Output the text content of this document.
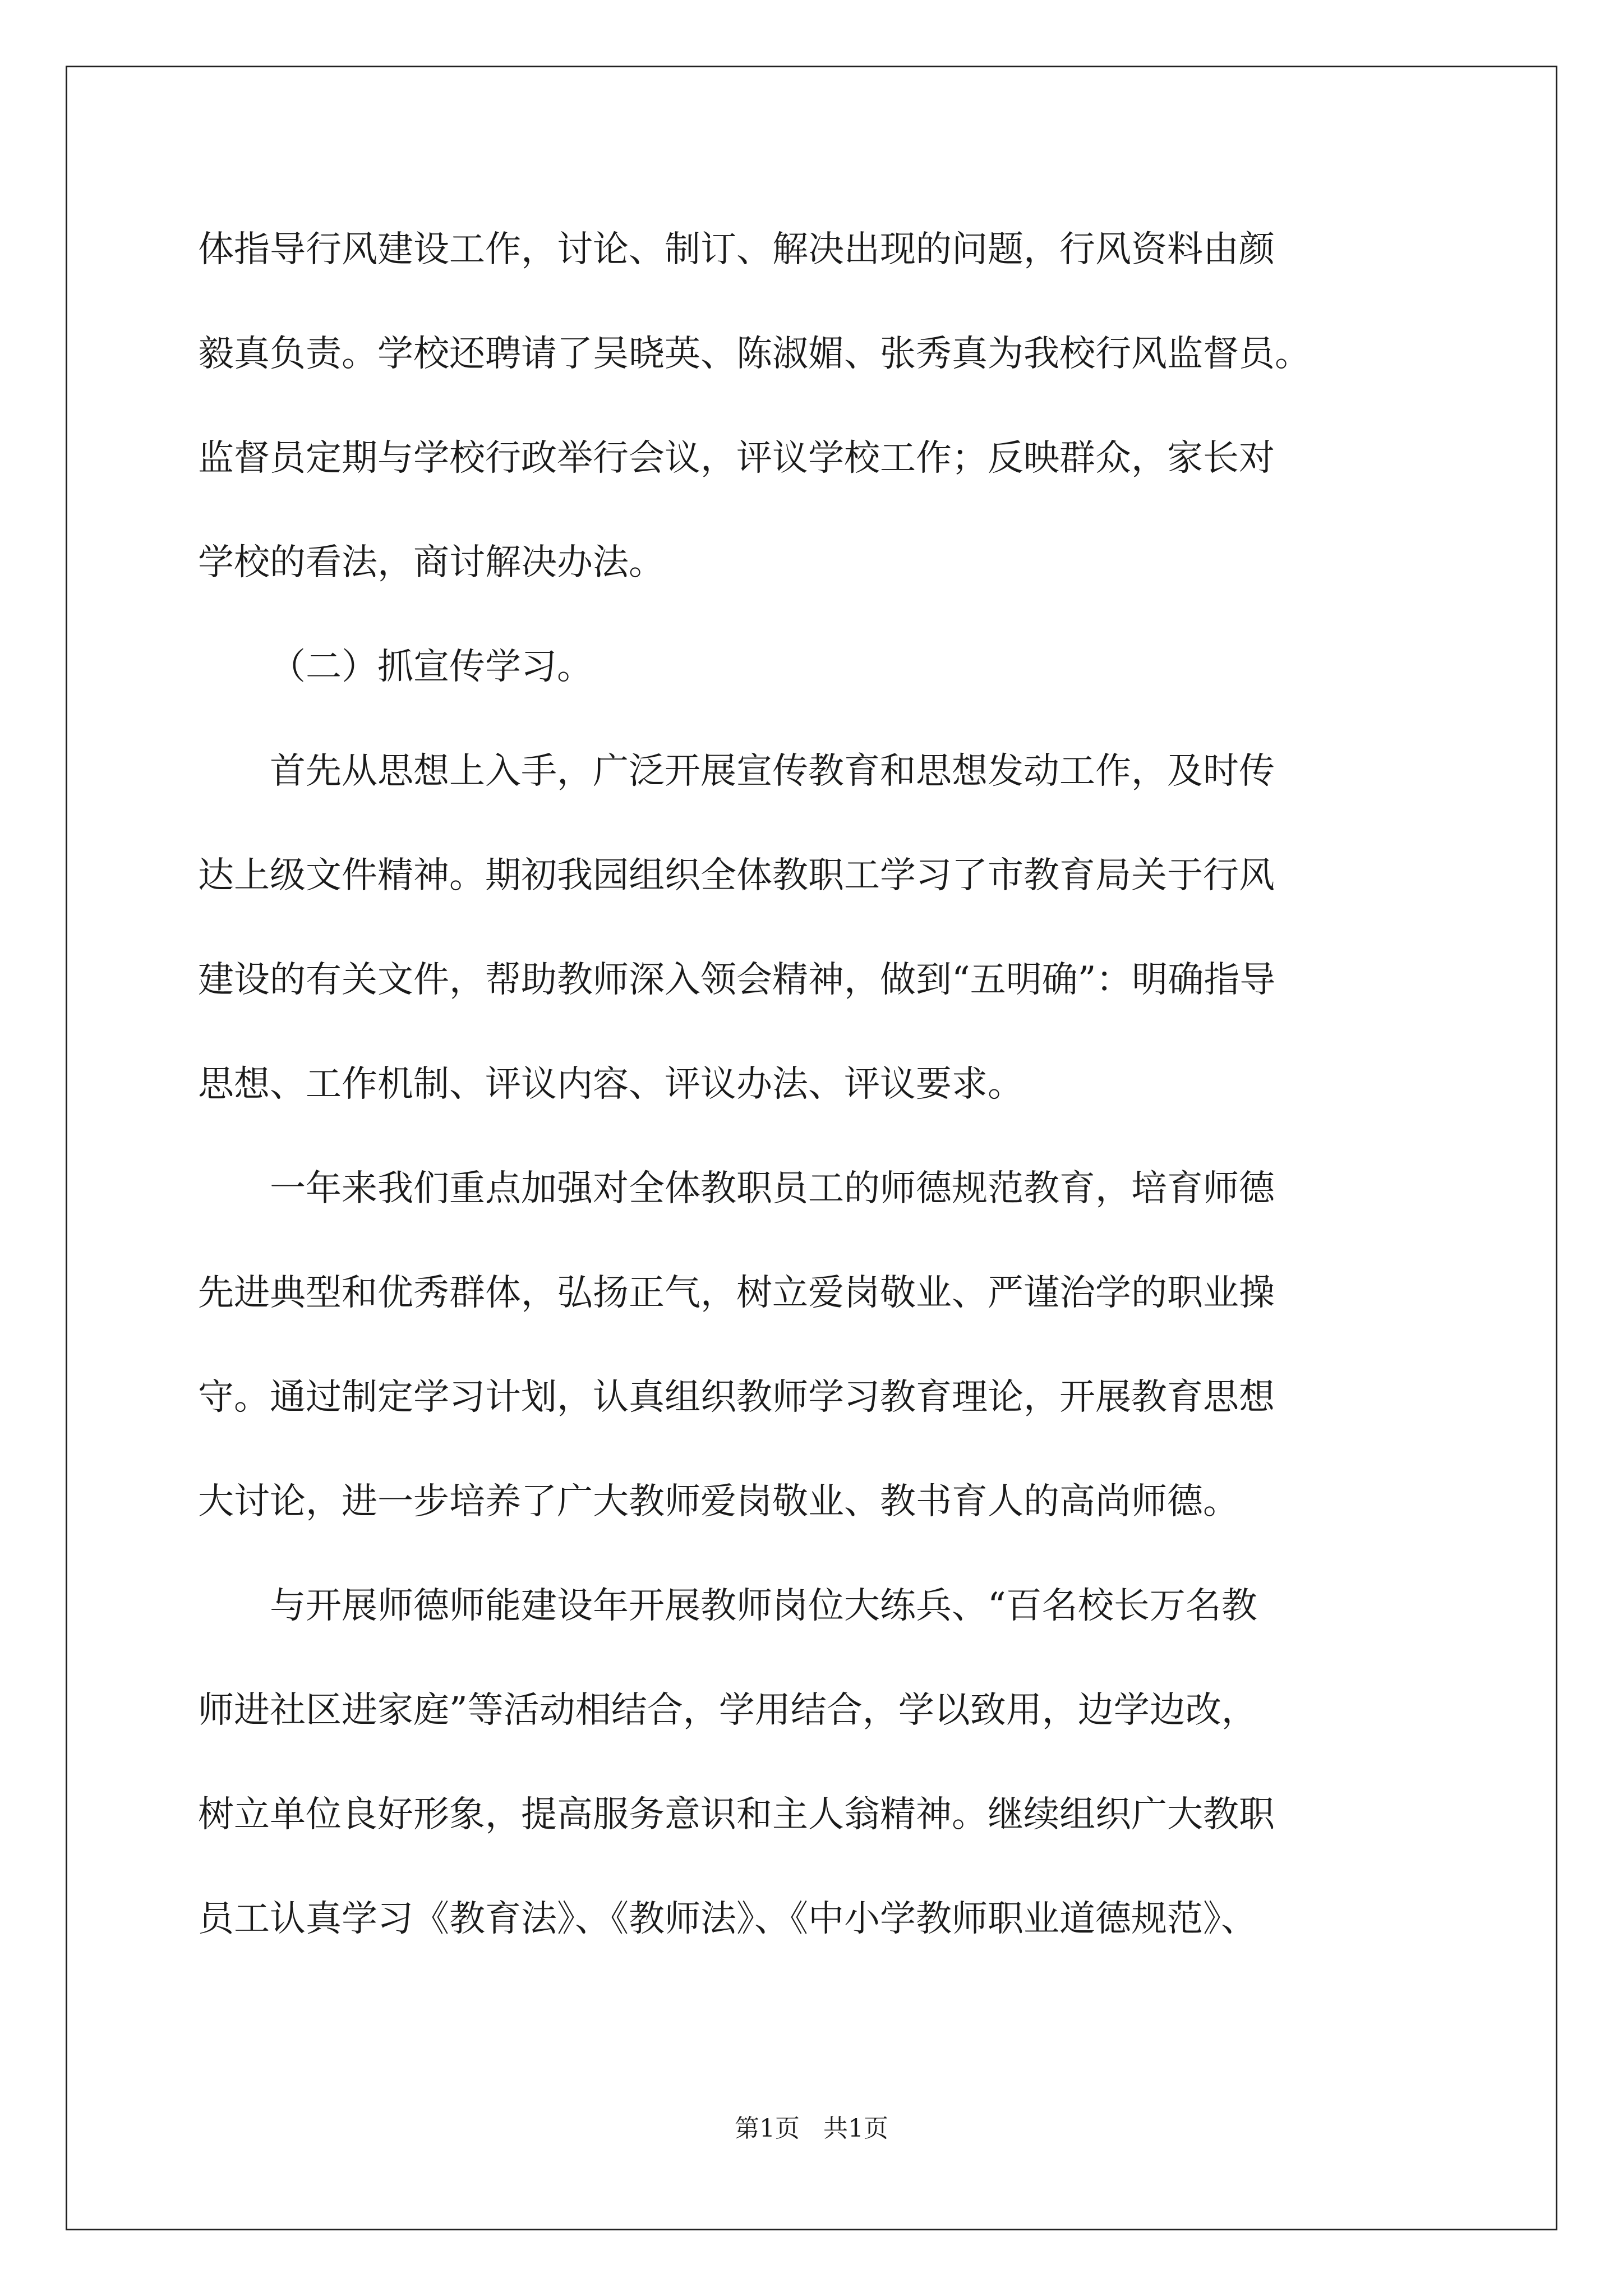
体指导行风建设工作，讨论、制订、解决出现的问题，行风资料由颜
毅真负责。学校还聘请了吴晓英、陈淑媚、张秀真为我校行风监督员。
监督员定期与学校行政举行会议，评议学校工作；反映群众，家长对
学校的看法，商讨解决办法。
（二）抓宣传学习。
首先从思想上入手，广泛开展宣传教育和思想发动工作，及时传
达上级文件精神。期初我园组织全体教职工学习了市教育局关于行风
建设的有关文件，帮助教师深入领会精神，做到“五明确”：明确指导
思想、工作机制、评议内容、评议办法、评议要求。
一年来我们重点加强对全体教职员工的师德规范教育，培育师德
先进典型和优秀群体，弘扬正气，树立爱岗敬业、严谨治学的职业操
守。通过制定学习计划，认真组织教师学习教育理论，开展教育思想
大讨论，进一步培养了广大教师爱岗敬业、教书育人的高尚师德。
与开展师德师能建设年开展教师岗位大练兵、“百名校长万名教
师进社区进家庭”等活动相结合，学用结合，学以致用，边学边改，
树立单位良好形象，提高服务意识和主人翁精神。继续组织广大教职
员工认真学习《教育法》、《教师法》、《中小学教师职业道德规范》、
第1页   共1页
